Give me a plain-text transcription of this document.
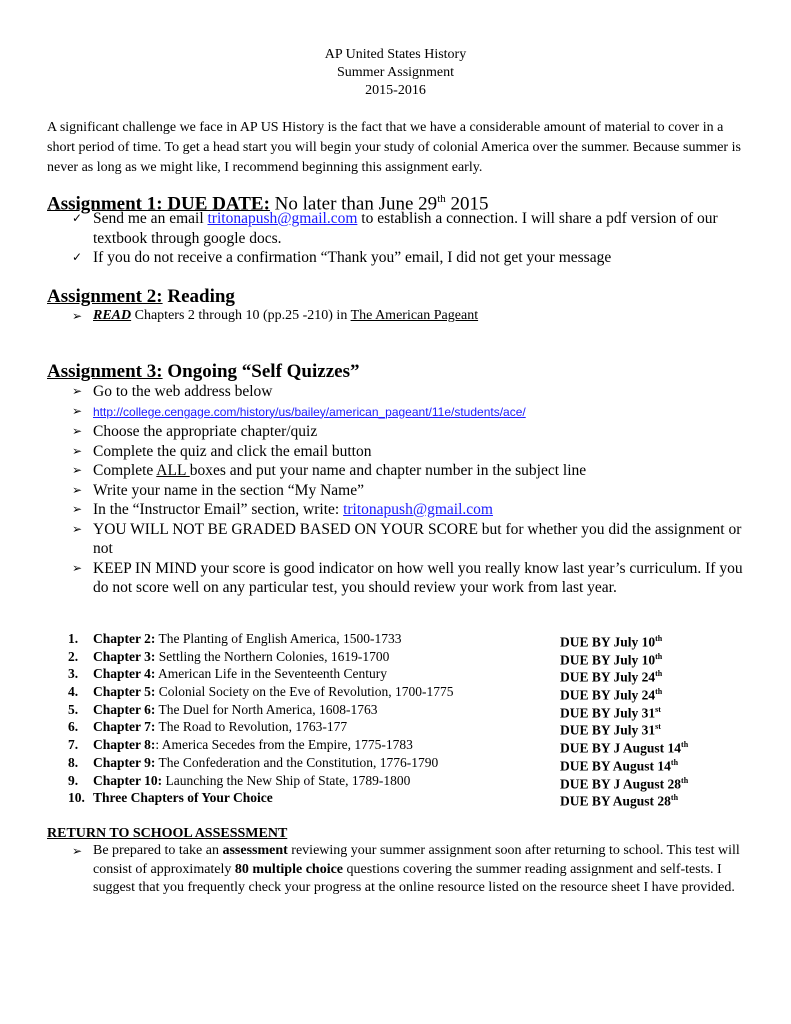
AP United States History
Summer Assignment
2015-2016
A significant challenge we face in AP US History is the fact that we have a considerable amount of material to cover in a short period of time. To get a head start you will begin your study of colonial America over the summer. Because summer is never as long as we might like, I recommend beginning this assignment early.
Assignment 1: DUE DATE: No later than June 29th 2015
✓ Send me an email tritonapush@gmail.com to establish a connection. I will share a pdf version of our textbook through google docs.
✓ If you do not receive a confirmation “Thank you” email, I did not get your message
Assignment 2: Reading
➢ READ Chapters 2 through 10 (pp.25 -210) in The American Pageant
Assignment 3: Ongoing “Self Quizzes”
➢ Go to the web address below
➢ http://college.cengage.com/history/us/bailey/american_pageant/11e/students/ace/
➢ Choose the appropriate chapter/quiz
➢ Complete the quiz and click the email button
➢ Complete ALL boxes and put your name and chapter number in the subject line
➢ Write your name in the section “My Name”
➢ In the “Instructor Email” section, write: tritonapush@gmail.com
➢ YOU WILL NOT BE GRADED BASED ON YOUR SCORE but for whether you did the assignment or not
➢ KEEP IN MIND your score is good indicator on how well you really know last year’s curriculum. If you do not score well on any particular test, you should review your work from last year.
1.	Chapter 2: The Planting of English America, 1500-1733	DUE BY July 10th
2.	Chapter 3: Settling the Northern Colonies, 1619-1700	DUE BY July 10th
3.	Chapter 4: American Life in the Seventeenth Century	DUE BY July 24th
4.	Chapter 5: Colonial Society on the Eve of Revolution, 1700-1775	DUE BY July 24th
5.	Chapter 6: The Duel for North America, 1608-1763	DUE BY July 31st
6.	Chapter 7: The Road to Revolution, 1763-177	DUE BY July 31st
7.	Chapter 8:: America Secedes from the Empire, 1775-1783	DUE BY J August 14th
8.	Chapter 9: The Confederation and the Constitution, 1776-1790	DUE BY August 14th
9.	Chapter 10: Launching the New Ship of State, 1789-1800	DUE BY J August 28th
10. Three Chapters of Your Choice	DUE BY August 28th
RETURN TO SCHOOL ASSESSMENT
➢ Be prepared to take an assessment reviewing your summer assignment soon after returning to school. This test will consist of approximately 80 multiple choice questions covering the summer reading assignment and self-tests. I suggest that you frequently check your progress at the online resource listed on the resource sheet I have provided.
